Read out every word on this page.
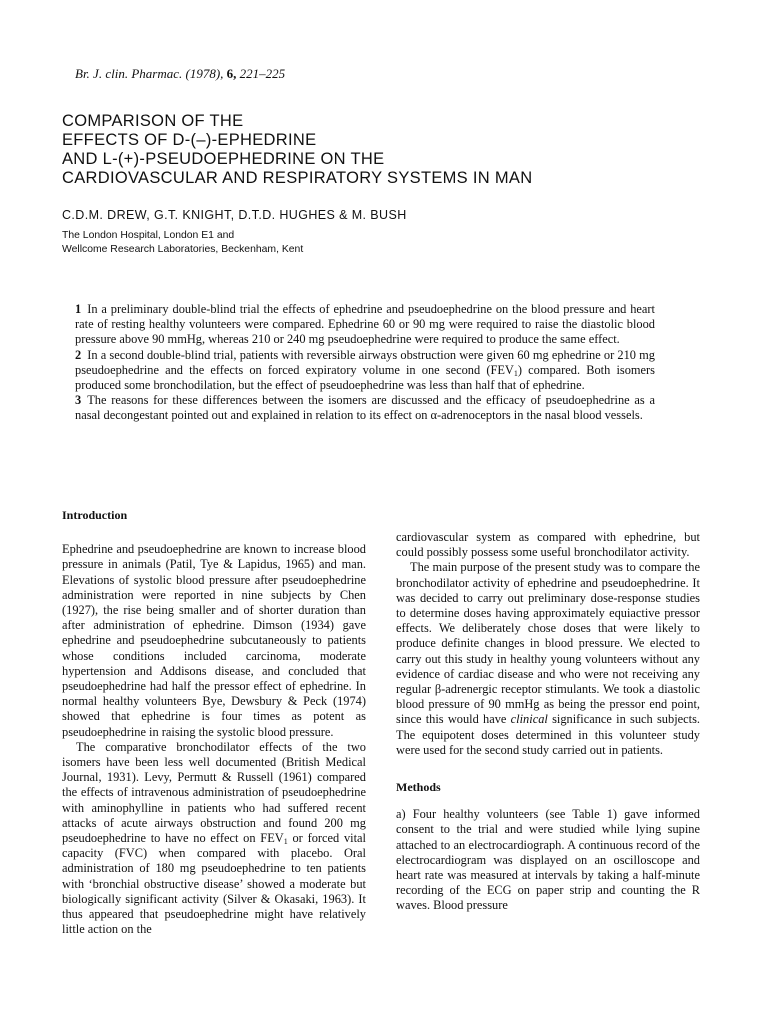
Br. J. clin. Pharmac. (1978), 6, 221–225
COMPARISON OF THE
EFFECTS OF D-(–)-EPHEDRINE
AND L-(+)-PSEUDOEPHEDRINE ON THE
CARDIOVASCULAR AND RESPIRATORY SYSTEMS IN MAN
C.D.M. DREW, G.T. KNIGHT, D.T.D. HUGHES & M. BUSH
The London Hospital, London E1 and
Wellcome Research Laboratories, Beckenham, Kent

1 In a preliminary double-blind trial the effects of ephedrine and pseudoephedrine on the blood pressure and heart rate of resting healthy volunteers were compared. Ephedrine 60 or 90 mg were required to raise the diastolic blood pressure above 90 mmHg, whereas 210 or 240 mg pseudoephedrine were required to produce the same effect.

2 In a second double-blind trial, patients with reversible airways obstruction were given 60 mg ephedrine or 210 mg pseudoephedrine and the effects on forced expiratory volume in one second $(FEV_1)$ compared. Both isomers produced some bronchodilation, but the effect of pseudoephedrine was less than half that of ephedrine.

3 The reasons for these differences between the isomers are discussed and the efficacy of pseudoephedrine as a nasal decongestant pointed out and explained in relation to its effect on α-adrenoceptors in the nasal blood vessels.

Introduction

Ephedrine and pseudoephedrine are known to increase blood pressure in animals (Patil, Tye & Lapidus, 1965) and man. Elevations of systolic blood pressure after pseudoephedrine administration were reported in nine subjects by Chen (1927), the rise being smaller and of shorter duration than after administration of ephedrine. Dimson (1934) gave ephedrine and pseudoephedrine subcutaneously to patients whose conditions included carcinoma, moderate hypertension and Addisons disease, and concluded that pseudoephedrine had half the pressor effect of ephedrine. In normal healthy volunteers Bye, Dewsbury & Peck (1974) showed that ephedrine is four times as potent as pseudoephedrine in raising the systolic blood pressure.

The comparative bronchodilator effects of the two isomers have been less well documented (British Medical Journal, 1931). Levy, Permutt & Russell (1961) compared the effects of intravenous administration of pseudoephedrine with aminophylline in patients who had suffered recent attacks of acute airways obstruction and found 200 mg pseudoephedrine to have no effect on $FEV_1$ or forced vital capacity (FVC) when compared with placebo. Oral administration of 180 mg pseudoephedrine to ten patients with ‘bronchial obstructive disease’ showed a moderate but biologically significant activity (Silver & Okasaki, 1963). It thus appeared that pseudoephedrine might have relatively little action on the

cardiovascular system as compared with ephedrine, but could possibly possess some useful bronchodilator activity.

The main purpose of the present study was to compare the bronchodilator activity of ephedrine and pseudoephedrine. It was decided to carry out preliminary dose-response studies to determine doses having approximately equiactive pressor effects. We deliberately chose doses that were likely to produce definite changes in blood pressure. We elected to carry out this study in healthy young volunteers without any evidence of cardiac disease and who were not receiving any regular β-adrenergic receptor stimulants. We took a diastolic blood pressure of 90 mmHg as being the pressor end point, since this would have clinical significance in such subjects. The equipotent doses determined in this volunteer study were used for the second study carried out in patients.

Methods

a) Four healthy volunteers (see Table 1) gave informed consent to the trial and were studied while lying supine attached to an electrocardiograph. A continuous record of the electrocardiogram was displayed on an oscilloscope and heart rate was measured at intervals by taking a half-minute recording of the ECG on paper strip and counting the R waves. Blood pressure
